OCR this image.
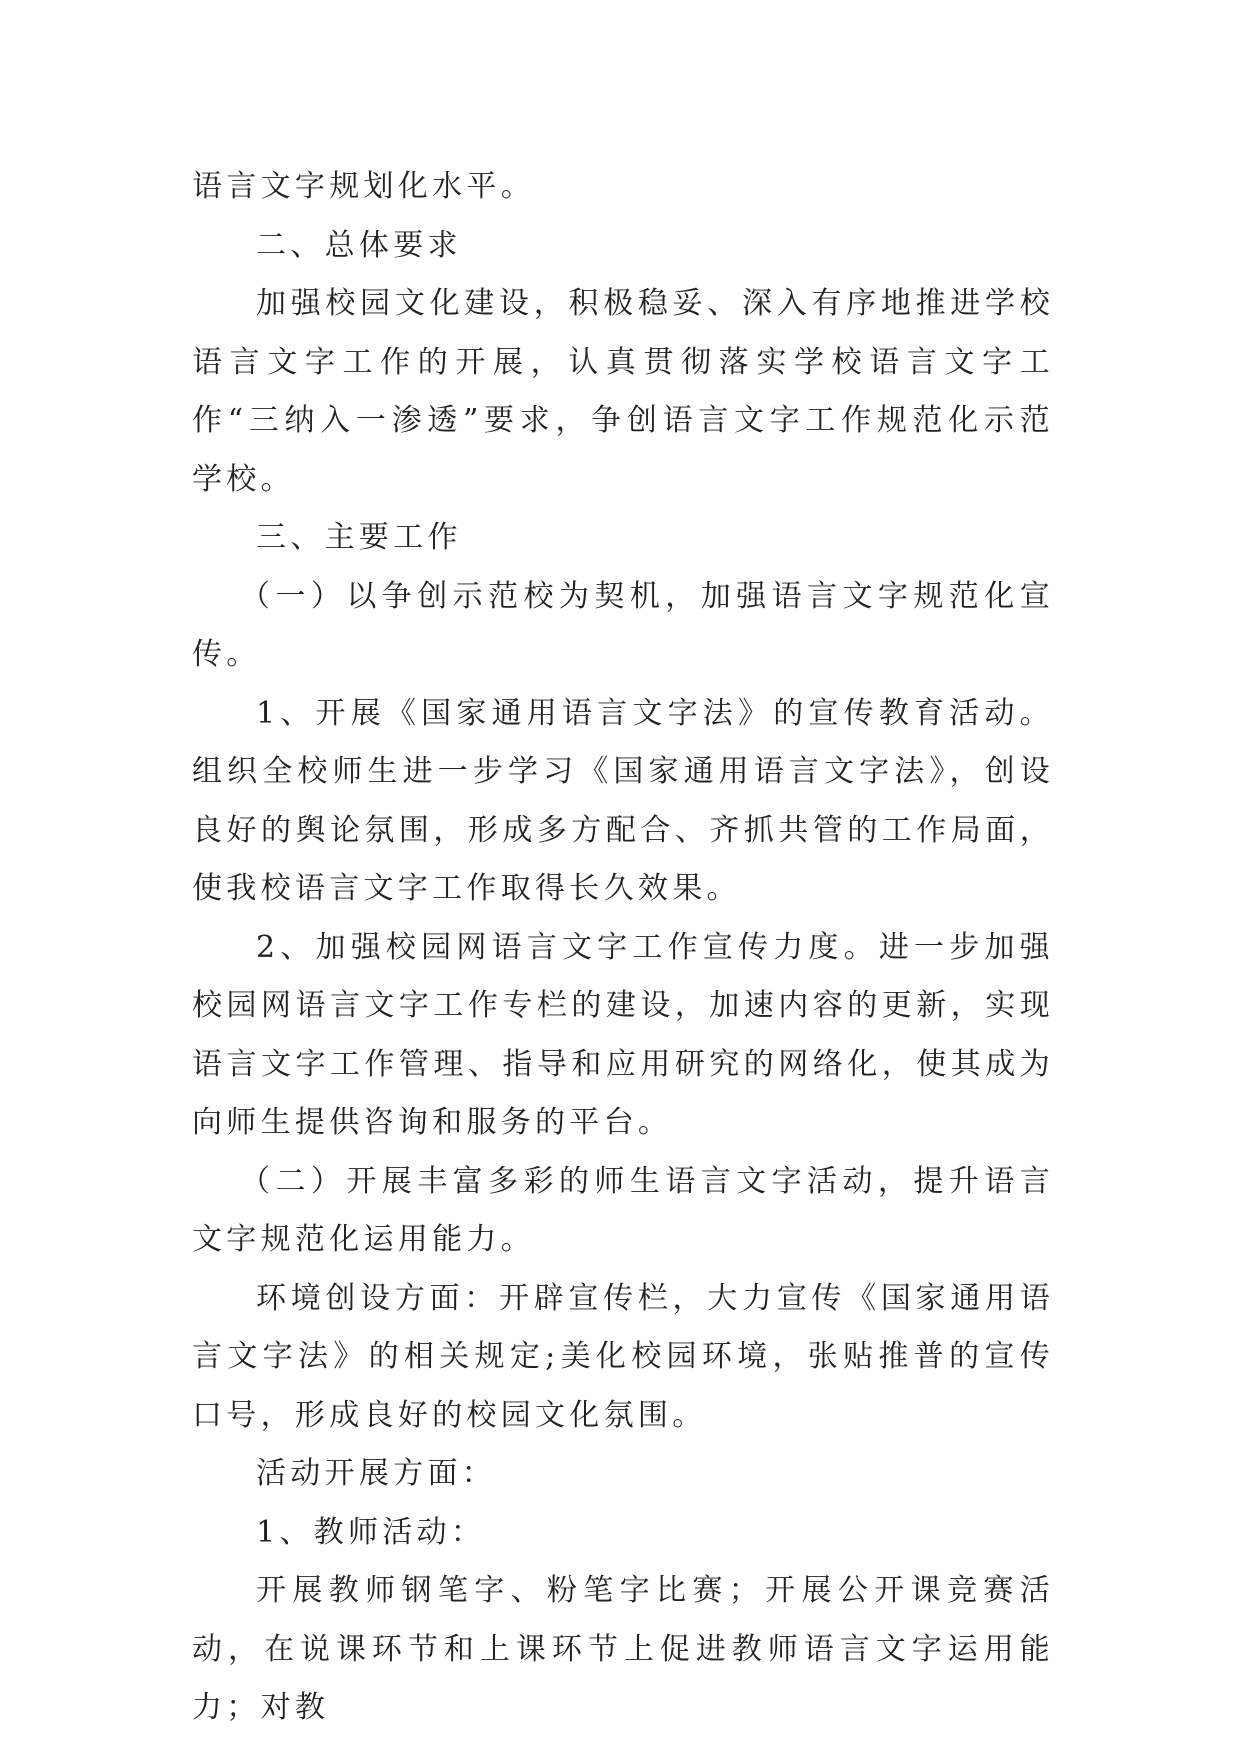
语言文字规划化水平。

二、总体要求

加强校园文化建设，积极稳妥、深入有序地推进学校语言文字工作的开展，认真贯彻落实学校语言文字工作“三纳入一渗透”要求，争创语言文字工作规范化示范学校。

三、主要工作

（一）以争创示范校为契机，加强语言文字规范化宣传。

1、开展《国家通用语言文字法》的宣传教育活动。组织全校师生进一步学习《国家通用语言文字法》，创设良好的舆论氛围，形成多方配合、齐抓共管的工作局面，使我校语言文字工作取得长久效果。

2、加强校园网语言文字工作宣传力度。进一步加强校园网语言文字工作专栏的建设，加速内容的更新，实现语言文字工作管理、指导和应用研究的网络化，使其成为向师生提供咨询和服务的平台。

（二）开展丰富多彩的师生语言文字活动，提升语言文字规范化运用能力。

环境创设方面：开辟宣传栏，大力宣传《国家通用语言文字法》的相关规定;美化校园环境，张贴推普的宣传口号，形成良好的校园文化氛围。

活动开展方面：

1、教师活动：

开展教师钢笔字、粉笔字比赛；开展公开课竞赛活动，在说课环节和上课环节上促进教师语言文字运用能力；对教
